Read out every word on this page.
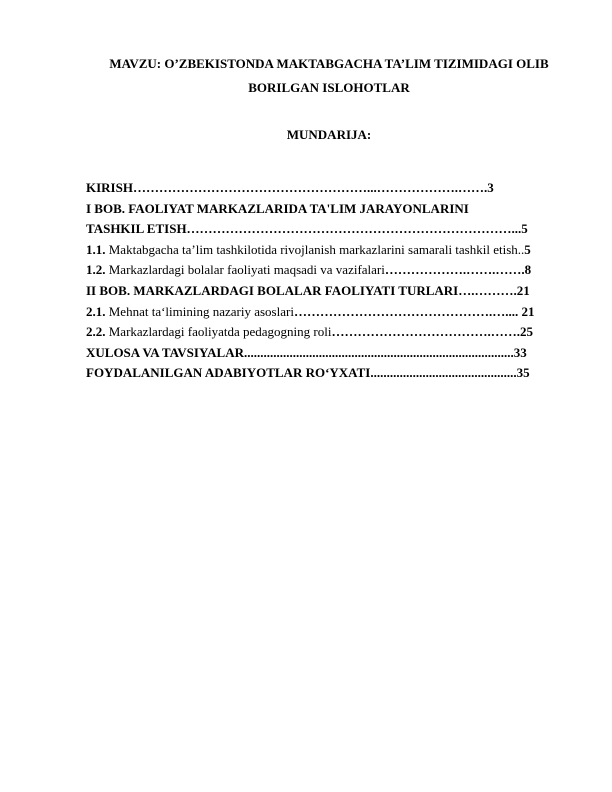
MAVZU: O’ZBEKISTONDA MAKTABGACHA TA’LIM TIZIMIDAGI OLIB

BORILGAN ISLOHOTLAR

MUNDARIJA:

KIRISH………………………………………………...……………….…….3
I BOB. FAOLIYAT MARKAZLARIDA TA'LIM JARAYONLARINI
TASHKIL ETISH…………………………………………………………………...5
1.1. Maktabgacha ta’lim tashkilotida rivojlanish markazlarini samarali tashkil etish..5
1.2. Markazlardagi bolalar faoliyati maqsadi va vazifalari……………….…….…….8
II BOB. MARKAZLARDAGI BOLALAR FAOLIYATI TURLARI….……….21
2.1. Mehnat ta‘limining nazariy asoslari……………………………………….….... 21
2.2. Markazlardagi faoliyatda pedagogning roli……………………………….…….25
XULOSA VA TAVSIYALAR...................................................................................33
FOYDALANILGAN ADABIYOTLAR RO‘YXATI.............................................35
